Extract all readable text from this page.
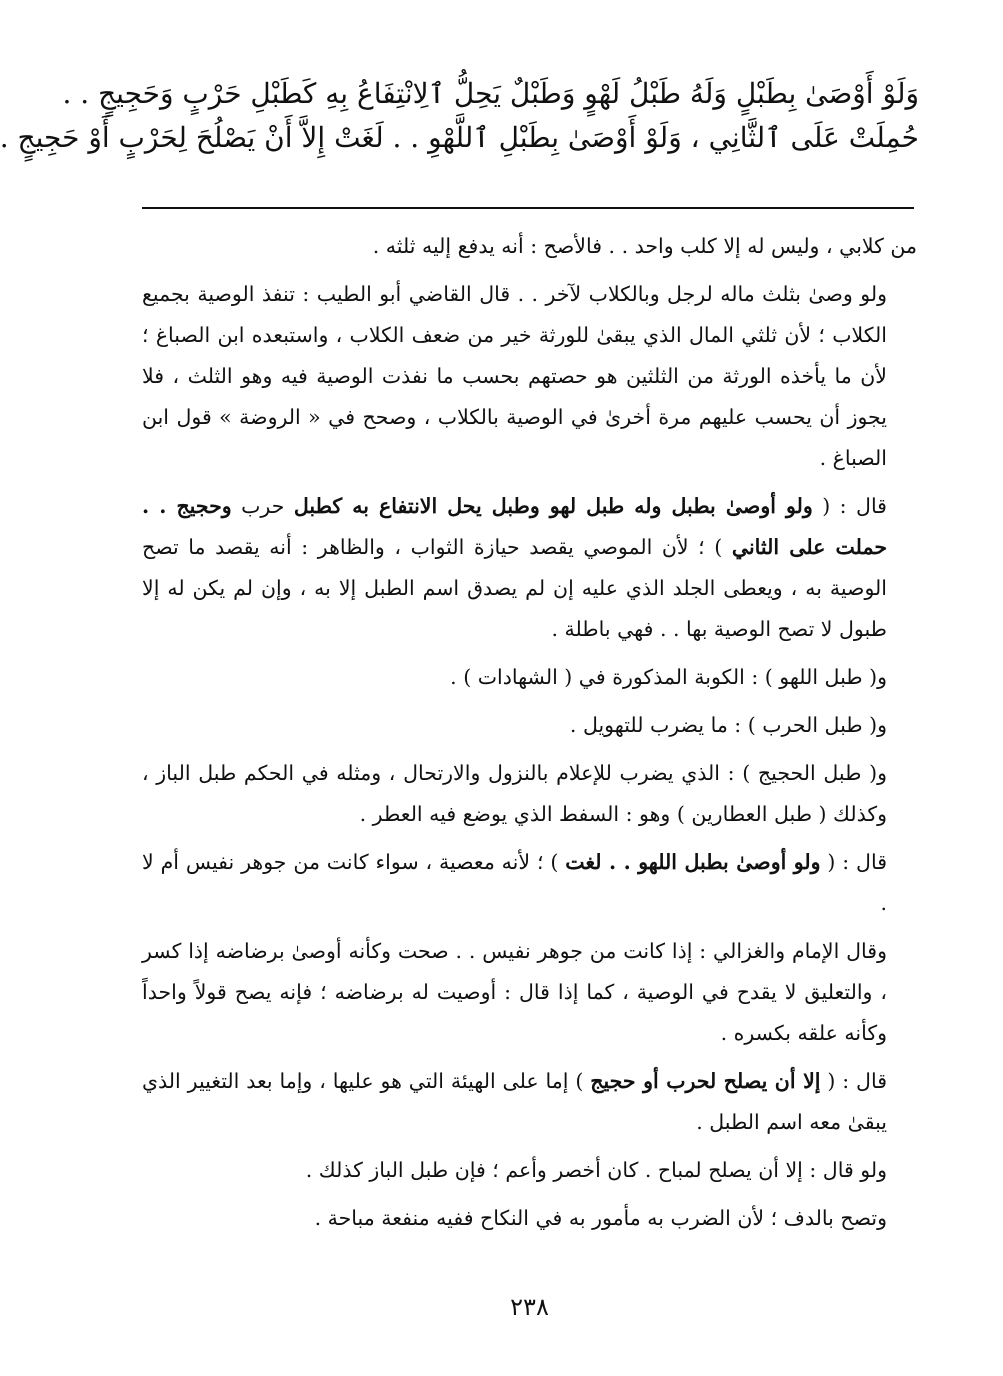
وَلَوْ أَوْصَىٰ بِطَبْلٍ وَلَهُ طَبْلُ لَهْوٍ وَطَبْلٌ يَحِلُّ ٱلِانْتِفَاعُ بِهِ كَطَبْلِ حَرْبٍ وَحَجِيجٍ . .
حُمِلَتْ عَلَى ٱلثَّانِي ، وَلَوْ أَوْصَىٰ بِطَبْلِ ٱللَّهْوِ . . لَغَتْ إِلاَّ أَنْ يَصْلُحَ لِحَرْبٍ أَوْ حَجِيجٍ .

من كلابي ، وليس له إلا كلب واحد . . فالأصح : أنه يدفع إليه ثلثه .

ولو وصىٰ بثلث ماله لرجل وبالكلاب لآخر . . قال القاضي أبو الطيب : تنفذ الوصية بجميع الكلاب ؛ لأن ثلثي المال الذي يبقىٰ للورثة خير من ضعف الكلاب ، واستبعده ابن الصباغ ؛ لأن ما يأخذه الورثة من الثلثين هو حصتهم بحسب ما نفذت الوصية فيه وهو الثلث ، فلا يجوز أن يحسب عليهم مرة أخرىٰ في الوصية بالكلاب ، وصحح في « الروضة » قول ابن الصباغ .

قال : ( ولو أوصىٰ بطبل وله طبل لهو وطبل يحل الانتفاع به كطبل حرب وحجيج . . حملت على الثاني ) ؛ لأن الموصي يقصد حيازة الثواب ، والظاهر : أنه يقصد ما تصح الوصية به ، ويعطى الجلد الذي عليه إن لم يصدق اسم الطبل إلا به ، وإن لم يكن له إلا طبول لا تصح الوصية بها . . فهي باطلة .

و( طبل اللهو ) : الكوبة المذكورة في ( الشهادات ) .

و( طبل الحرب ) : ما يضرب للتهويل .

و( طبل الحجيج ) : الذي يضرب للإعلام بالنزول والارتحال ، ومثله في الحكم طبل الباز ، وكذلك ( طبل العطارين ) وهو : السفط الذي يوضع فيه العطر .

قال : ( ولو أوصىٰ بطبل اللهو . . لغت ) ؛ لأنه معصية ، سواء كانت من جوهر نفيس أم لا .

وقال الإمام والغزالي : إذا كانت من جوهر نفيس . . صحت وكأنه أوصىٰ برضاضه إذا كسر ، والتعليق لا يقدح في الوصية ، كما إذا قال : أوصيت له برضاضه ؛ فإنه يصح قولاً واحداً وكأنه علقه بكسره .

قال : ( إلا أن يصلح لحرب أو حجيج ) إما على الهيئة التي هو عليها ، وإما بعد التغيير الذي يبقىٰ معه اسم الطبل .

ولو قال : إلا أن يصلح لمباح . كان أخصر وأعم ؛ فإن طبل الباز كذلك .

وتصح بالدف ؛ لأن الضرب به مأمور به في النكاح ففيه منفعة مباحة .

٢٣٨
